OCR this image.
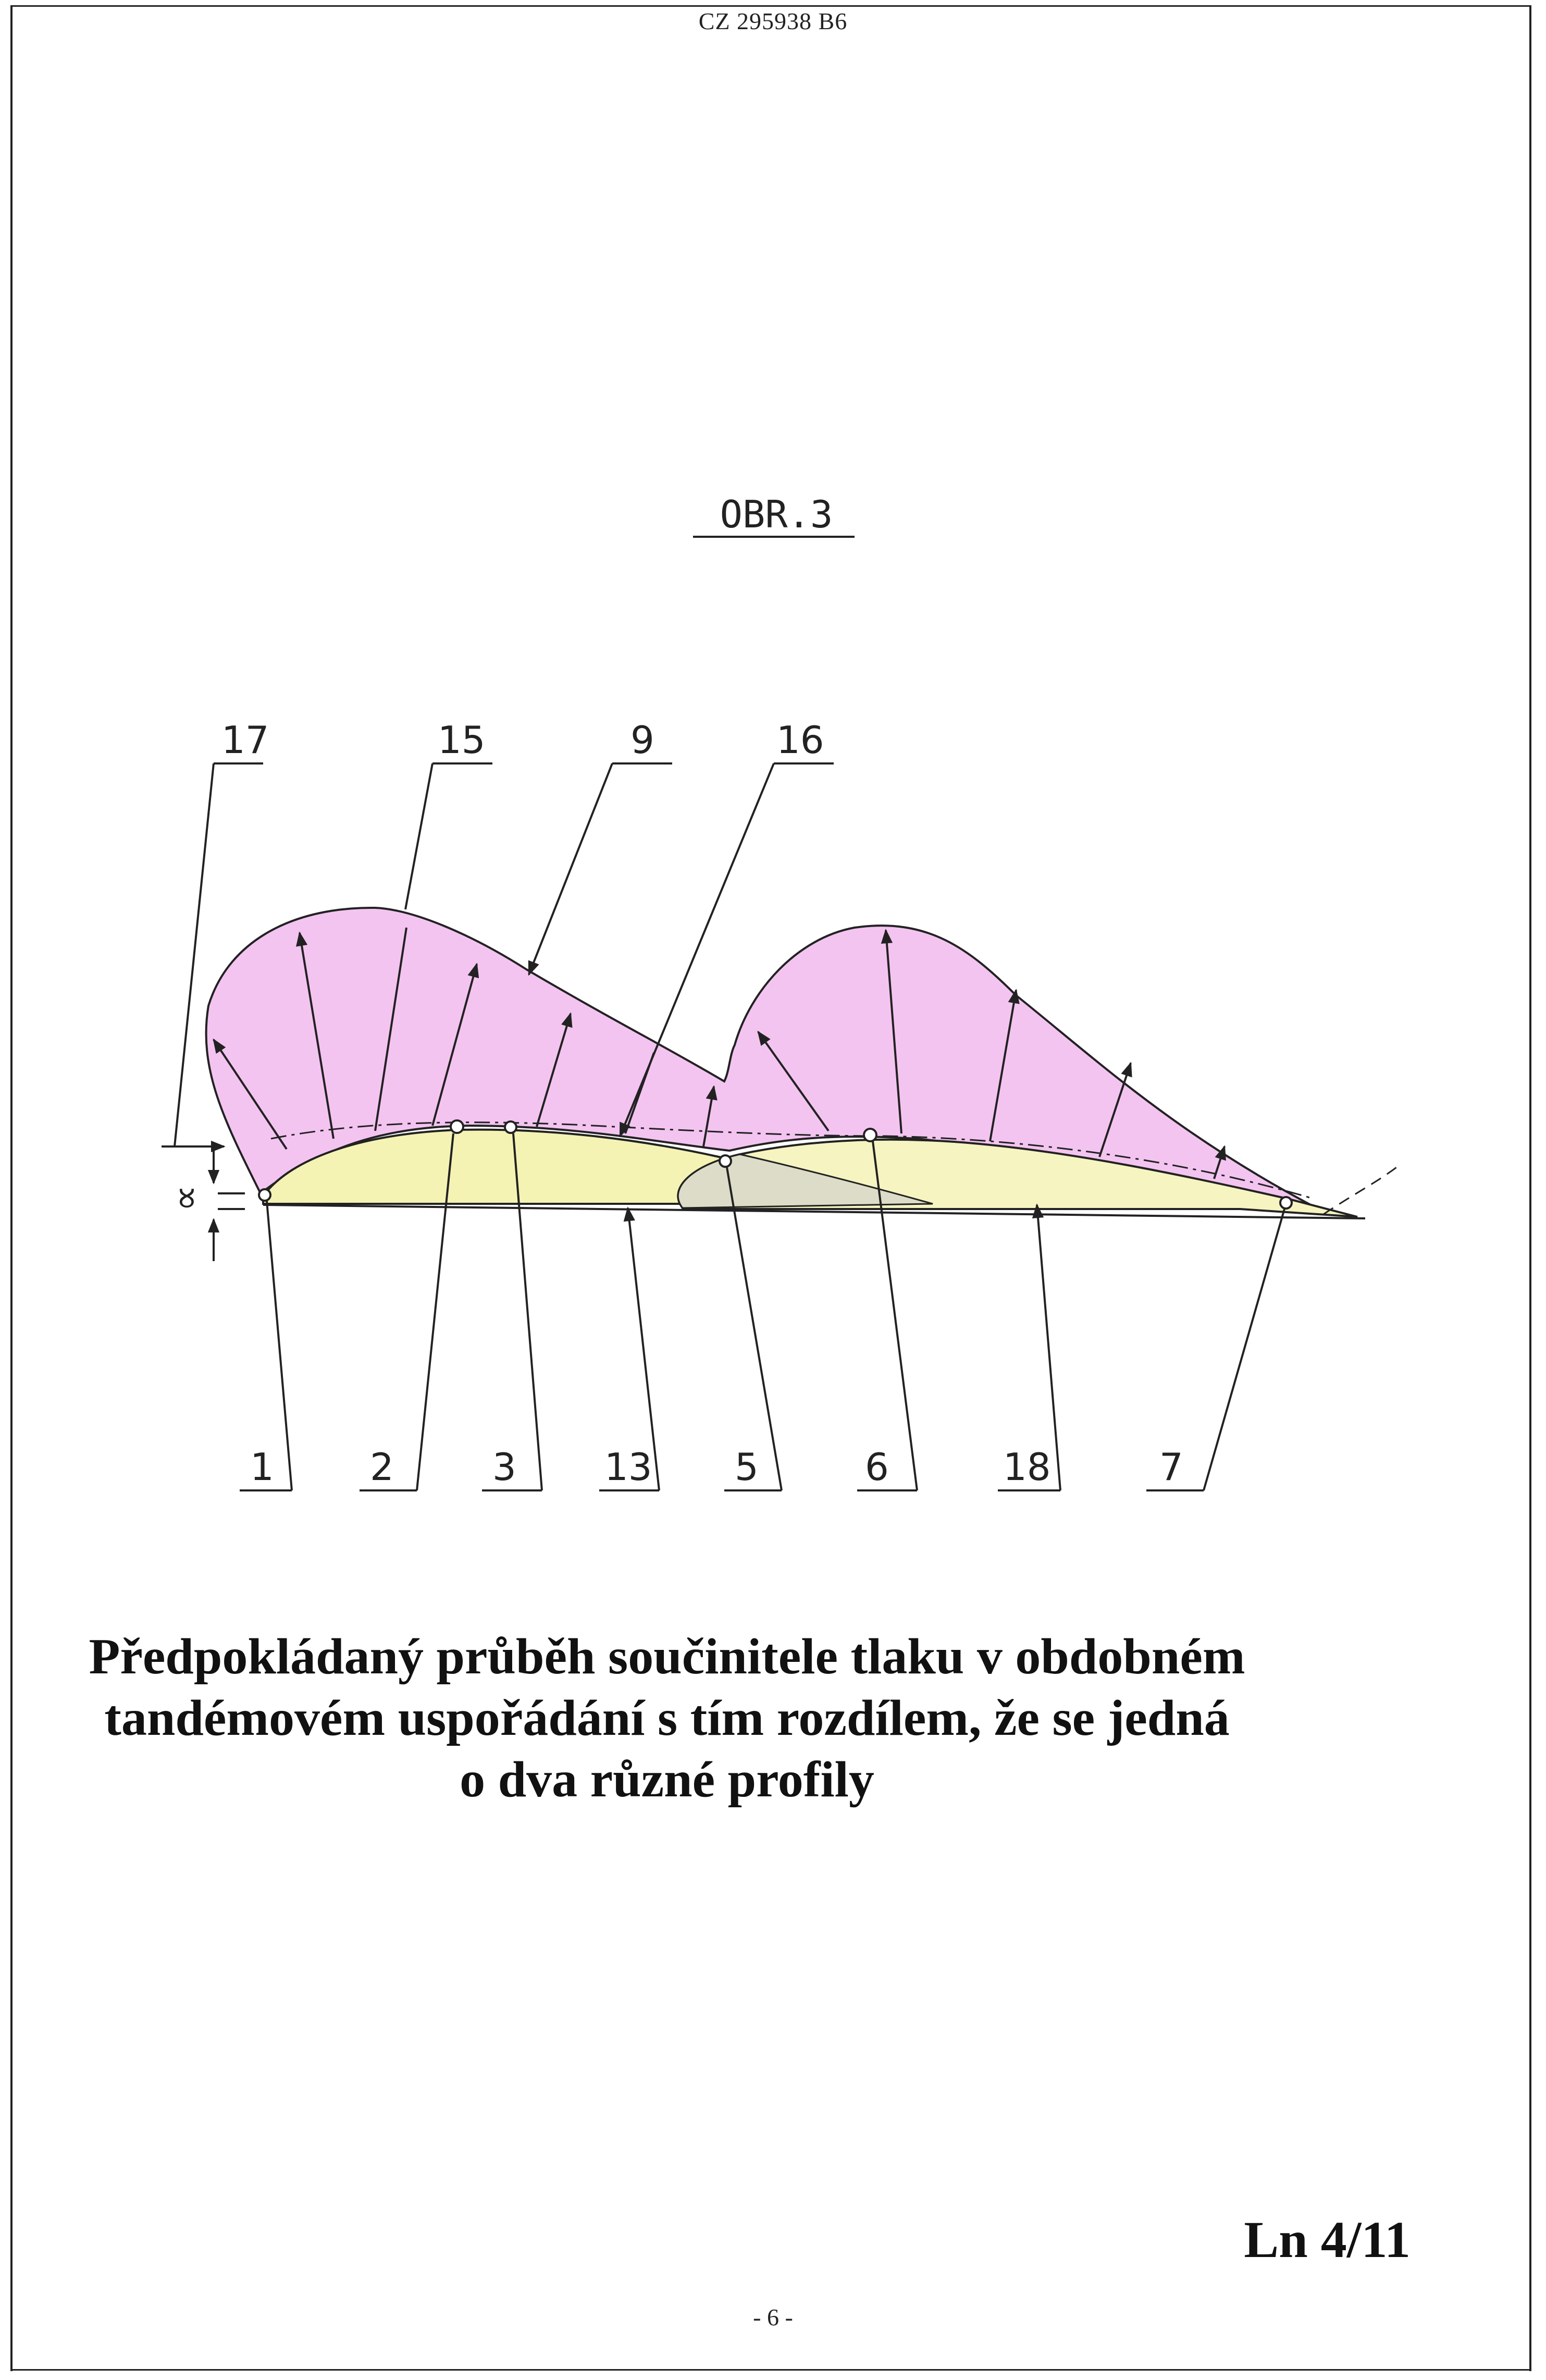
CZ 295938 B6
OBR.3
∝
17	15	9	16
1	2	3 13 5	6	18	7
Předpokládaný průběh součinitele tlaku v obdobném
tandémovém uspořádání s tím rozdílem, že se jedná
o dva různé profily
Ln 4/11
- 6 -
